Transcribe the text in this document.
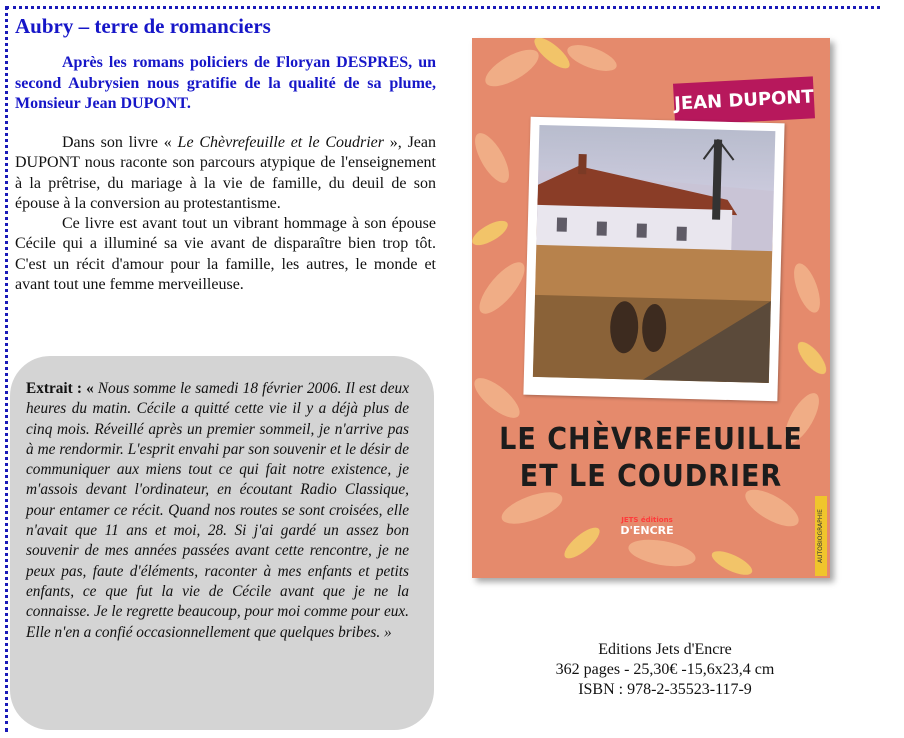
Aubry – terre de romanciers

Après les romans policiers de Floryan DESPRES, un second Aubrysien nous gratifie de la qualité de sa plume, Monsieur Jean DUPONT.

Dans son livre « Le Chèvrefeuille et le Coudrier », Jean DUPONT nous raconte son parcours atypique de l'enseignement à la prêtrise, du mariage à la vie de famille, du deuil de son épouse à la conversion au protestantisme.

Ce livre est avant tout un vibrant hommage à son épouse Cécile qui a illuminé sa vie avant de disparaître bien trop tôt. C'est un récit d'amour pour la famille, les autres, le monde et avant tout une femme merveilleuse.

Extrait : « Nous somme le samedi 18 février 2006. Il est deux heures du matin. Cécile a quitté cette vie il y a déjà plus de cinq mois. Réveillé après un premier sommeil, je n'arrive pas à me rendormir. L'esprit envahi par son souvenir et le désir de communiquer aux miens tout ce qui fait notre existence, je m'assois devant l'ordinateur, en écoutant Radio Classique, pour entamer ce récit. Quand nos routes se sont croisées, elle n'avait que 11 ans et moi, 28. Si j'ai gardé un assez bon souvenir de mes années passées avant cette rencontre, je ne peux pas, faute d'éléments, raconter à mes enfants et petits enfants, ce que fut la vie de Cécile avant que je ne la connaisse. Je le regrette beaucoup, pour moi comme pour eux. Elle n'en a confié occasionnellement que quelques bribes. »

JEAN DUPONT
LE CHÈVREFEUILLE
ET LE COUDRIER
JETS éditions
D'ENCRE	AUTOBIOGRAPHIE
Editions Jets d'Encre
362 pages - 25,30€ -15,6x23,4 cm
ISBN : 978-2-35523-117-9
